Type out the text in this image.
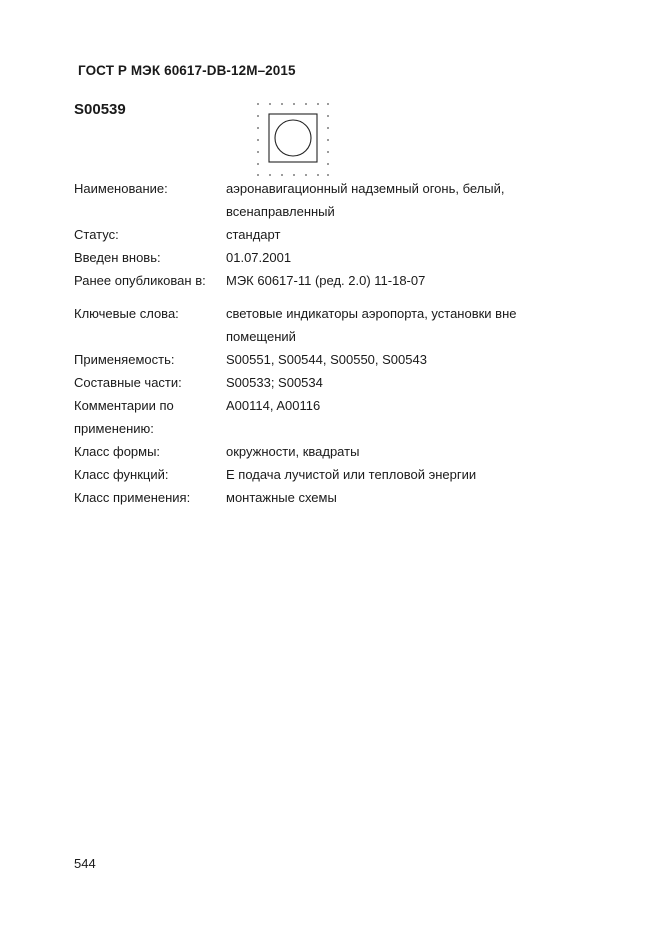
ГОСТ Р МЭК 60617-DB-12M–2015
S00539
Наименование:	аэронавигационный надземный огонь, белый, всенаправленный
Статус:	стандарт
Введен вновь:	01.07.2001
Ранее опубликован в:	МЭК 60617-11 (ред. 2.0) 11-18-07
Ключевые слова:	световые индикаторы аэропорта, установки вне помещений
Применяемость:	S00551, S00544, S00550, S00543
Составные части:	S00533; S00534
Комментарии по применению:
A00114, A00116
Класс формы:	окружности, квадраты
Класс функций:	E подача лучистой или тепловой энергии
Класс применения:	монтажные схемы
544
